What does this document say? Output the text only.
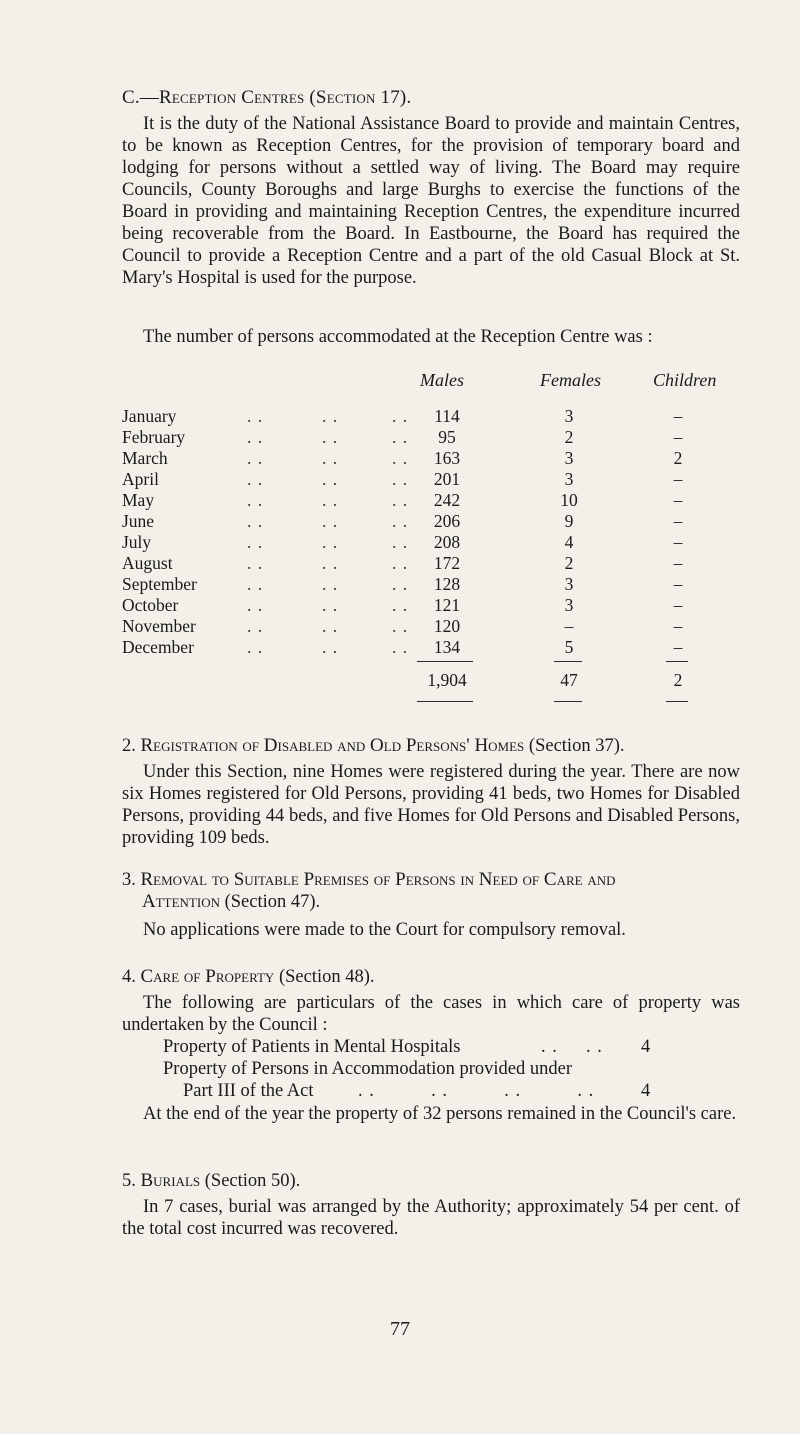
C.—Reception Centres (Section 17).

It is the duty of the National Assistance Board to provide and maintain Centres, to be known as Reception Centres, for the provision of temporary board and lodging for persons without a settled way of living. The Board may require Councils, County Boroughs and large Burghs to exercise the functions of the Board in providing and maintaining Reception Centres, the expenditure incurred being recoverable from the Board. In Eastbourne, the Board has required the Council to provide a Reception Centre and a part of the old Casual Block at St. Mary's Hospital is used for the purpose.

The number of persons accommodated at the Reception Centre was :

Males	Females	Children
January	. .	. .	. .	114	3	–
February	. .	. .	. .	95	2	–
March	. .	. .	. .	163	3	2
April	. .	. .	. .	201	3	–
May	. .	. .	. .	242	10	–
June	. .	. .	. .	206	9	–
July	. .	. .	. .	208	4	–
August	. .	. .	. .	172	2	–
September	. .	. .	. .	128	3	–
October	. .	. .	. .	121	3	–
November	. .	. .	. .	120	–	–
December	. .	. .	. .	134	5	–
1,904	47	2

2. Registration of Disabled and Old Persons' Homes (Section 37).

Under this Section, nine Homes were registered during the year. There are now six Homes registered for Old Persons, providing 41 beds, two Homes for Disabled Persons, providing 44 beds, and five Homes for Old Persons and Disabled Persons, providing 109 beds.

3. Removal to Suitable Premises of Persons in Need of Care and

Attention (Section 47).

No applications were made to the Court for compulsory removal.

4. Care of Property (Section 48).

The following are particulars of the cases in which care of property was undertaken by the Council :

Property of Patients in Mental Hospitals	. .     . . 4
Property of Persons in Accommodation provided under
Part III of the Act . .          . .          . .          . .	4

At the end of the year the property of 32 persons remained in the Council's care.

5. Burials (Section 50).

In 7 cases, burial was arranged by the Authority; approximately 54 per cent. of the total cost incurred was recovered.

77
